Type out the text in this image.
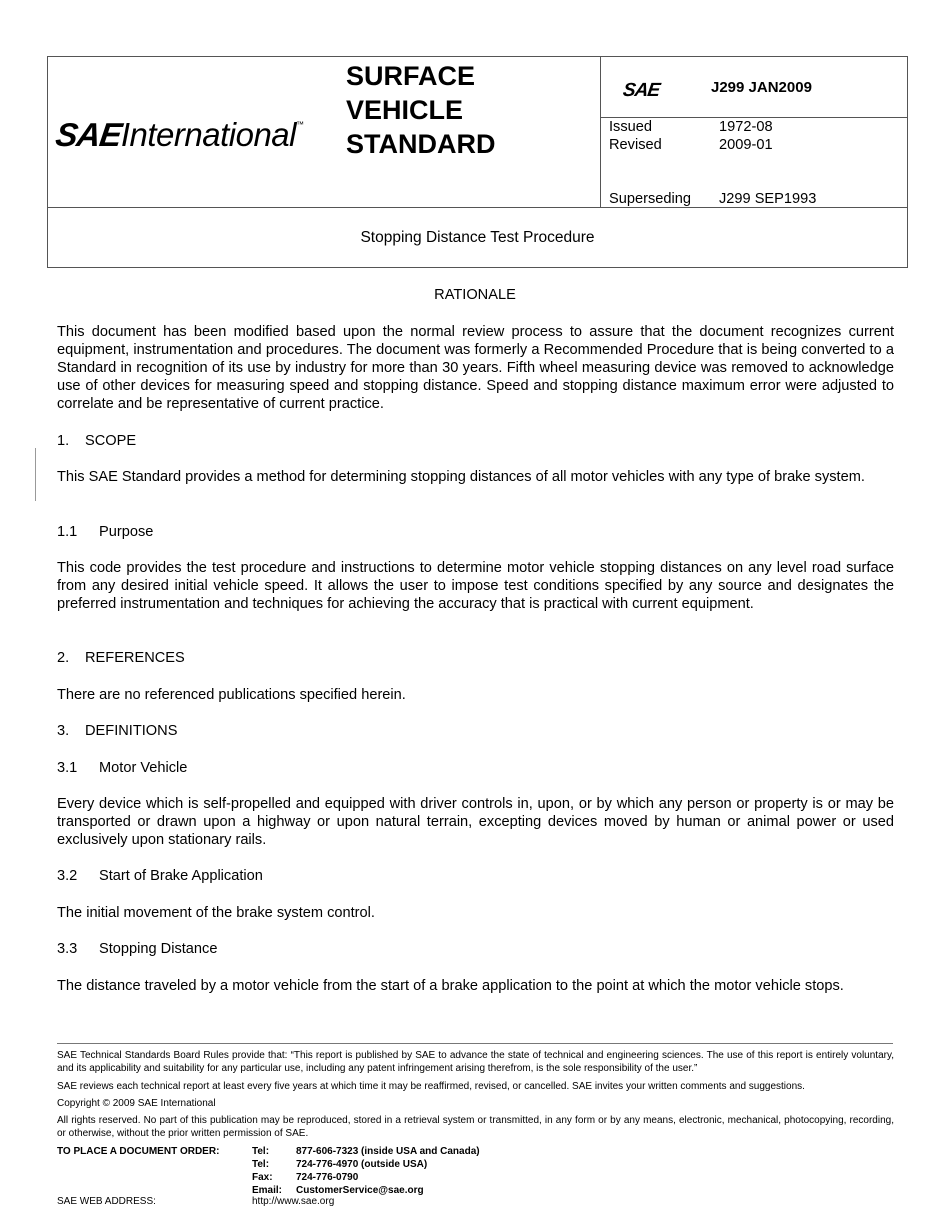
SAEInternational™
SURFACE
VEHICLE
STANDARD
SAE	J299 JAN2009
Issued	1972-08
Revised	2009-01
Superseding J299 SEP1993
Stopping Distance Test Procedure
RATIONALE
This document has been modified based upon the normal review process to assure that the document recognizes current equipment, instrumentation and procedures. The document was formerly a Recommended Procedure that is being converted to a Standard in recognition of its use by industry for more than 30 years. Fifth wheel measuring device was removed to acknowledge use of other devices for measuring speed and stopping distance. Speed and stopping distance maximum error were adjusted to correlate and be representative of current practice.
1. SCOPE
This SAE Standard provides a method for determining stopping distances of all motor vehicles with any type of brake system.
1.1 Purpose
This code provides the test procedure and instructions to determine motor vehicle stopping distances on any level road surface from any desired initial vehicle speed. It allows the user to impose test conditions specified by any source and designates the preferred instrumentation and techniques for achieving the accuracy that is practical with current equipment.
2. REFERENCES
There are no referenced publications specified herein.
3. DEFINITIONS
3.1 Motor Vehicle
Every device which is self-propelled and equipped with driver controls in, upon, or by which any person or property is or may be transported or drawn upon a highway or upon natural terrain, excepting devices moved by human or animal power or used exclusively upon stationary rails.
3.2 Start of Brake Application
The initial movement of the brake system control.
3.3 Stopping Distance
The distance traveled by a motor vehicle from the start of a brake application to the point at which the motor vehicle stops.
SAE Technical Standards Board Rules provide that: “This report is published by SAE to advance the state of technical and engineering sciences. The use of this report is entirely voluntary, and its applicability and suitability for any particular use, including any patent infringement arising therefrom, is the sole responsibility of the user.”
SAE reviews each technical report at least every five years at which time it may be reaffirmed, revised, or cancelled. SAE invites your written comments and suggestions.
Copyright © 2009 SAE International
All rights reserved. No part of this publication may be reproduced, stored in a retrieval system or transmitted, in any form or by any means, electronic, mechanical, photocopying, recording, or otherwise, without the prior written permission of SAE.
TO PLACE A DOCUMENT ORDER:	Tel:	877-606-7323 (inside USA and Canada)
Tel:	724-776-4970 (outside USA)
Fax: 724-776-0790
Email: CustomerService@sae.org
SAE WEB ADDRESS:	http://www.sae.org
